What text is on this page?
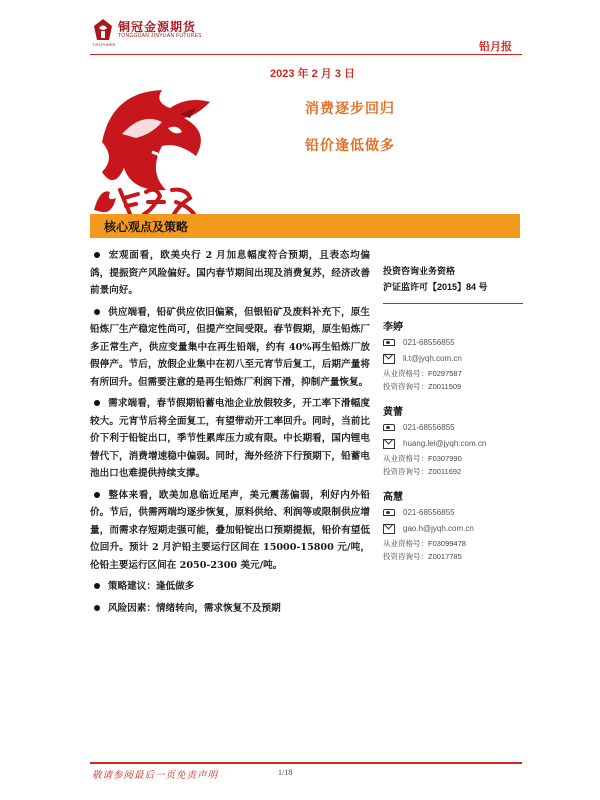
铜冠金源期货
TONGGUAN JINYUAN FUTURES
TJFUTURES	铅月报
2023 年 2 月 3 日
消费逐步回归
铅价逢低做多
铜陵有色
核心观点及策略

宏观面看，欧美央行 2 月加息幅度符合预期，且表态均偏鸽，提振资产风险偏好。国内春节期间出现及消费复苏，经济改善前景向好。

供应端看，铅矿供应依旧偏紧，但银铅矿及废料补充下，原生铅炼厂生产稳定性尚可，但提产空间受限。春节假期，原生铅炼厂多正常生产，供应变量集中在再生铅端，约有 40%再生铅炼厂放假停产。节后，放假企业集中在初八至元宵节后复工，后期产量将有所回升。但需要注意的是再生铅炼厂利润下滑，抑制产量恢复。

需求端看，春节假期铅蓄电池企业放假较多，开工率下滑幅度较大。元宵节后将全面复工，有望带动开工率回升。同时，当前比价下利于铅锭出口，季节性累库压力或有限。中长期看，国内锂电替代下，消费增速稳中偏弱。同时，海外经济下行预期下，铅蓄电池出口也难提供持续支撑。

整体来看，欧美加息临近尾声，美元震荡偏弱，利好内外铅价。节后，供需两端均逐步恢复，原料供给、利润等或限制供应增量，而需求存短期走强可能，叠加铅锭出口预期提振，铅价有望低位回升。预计 2 月沪铅主要运行区间在 15000-15800 元/吨，伦铅主要运行区间在 2050-2300 美元/吨。

策略建议：逢低做多

风险因素：情绪转向，需求恢复不及预期

投资咨询业务资格
沪证监许可【2015】84 号
李婷
021-68556855
li.t@jyqh.com.cn
从业资格号：F0297587
投资咨询号：Z0011509
黄蕾
021-68556855
huang.lei@jyqh.com.cn
从业资格号：F0307990
投资咨询号：Z0011692
高慧
021-68556855
gao.h@jyqh.com.cn
从业资格号：F03099478
投资咨询号：Z0017785
敬请参阅最后一页免责声明	1/18
